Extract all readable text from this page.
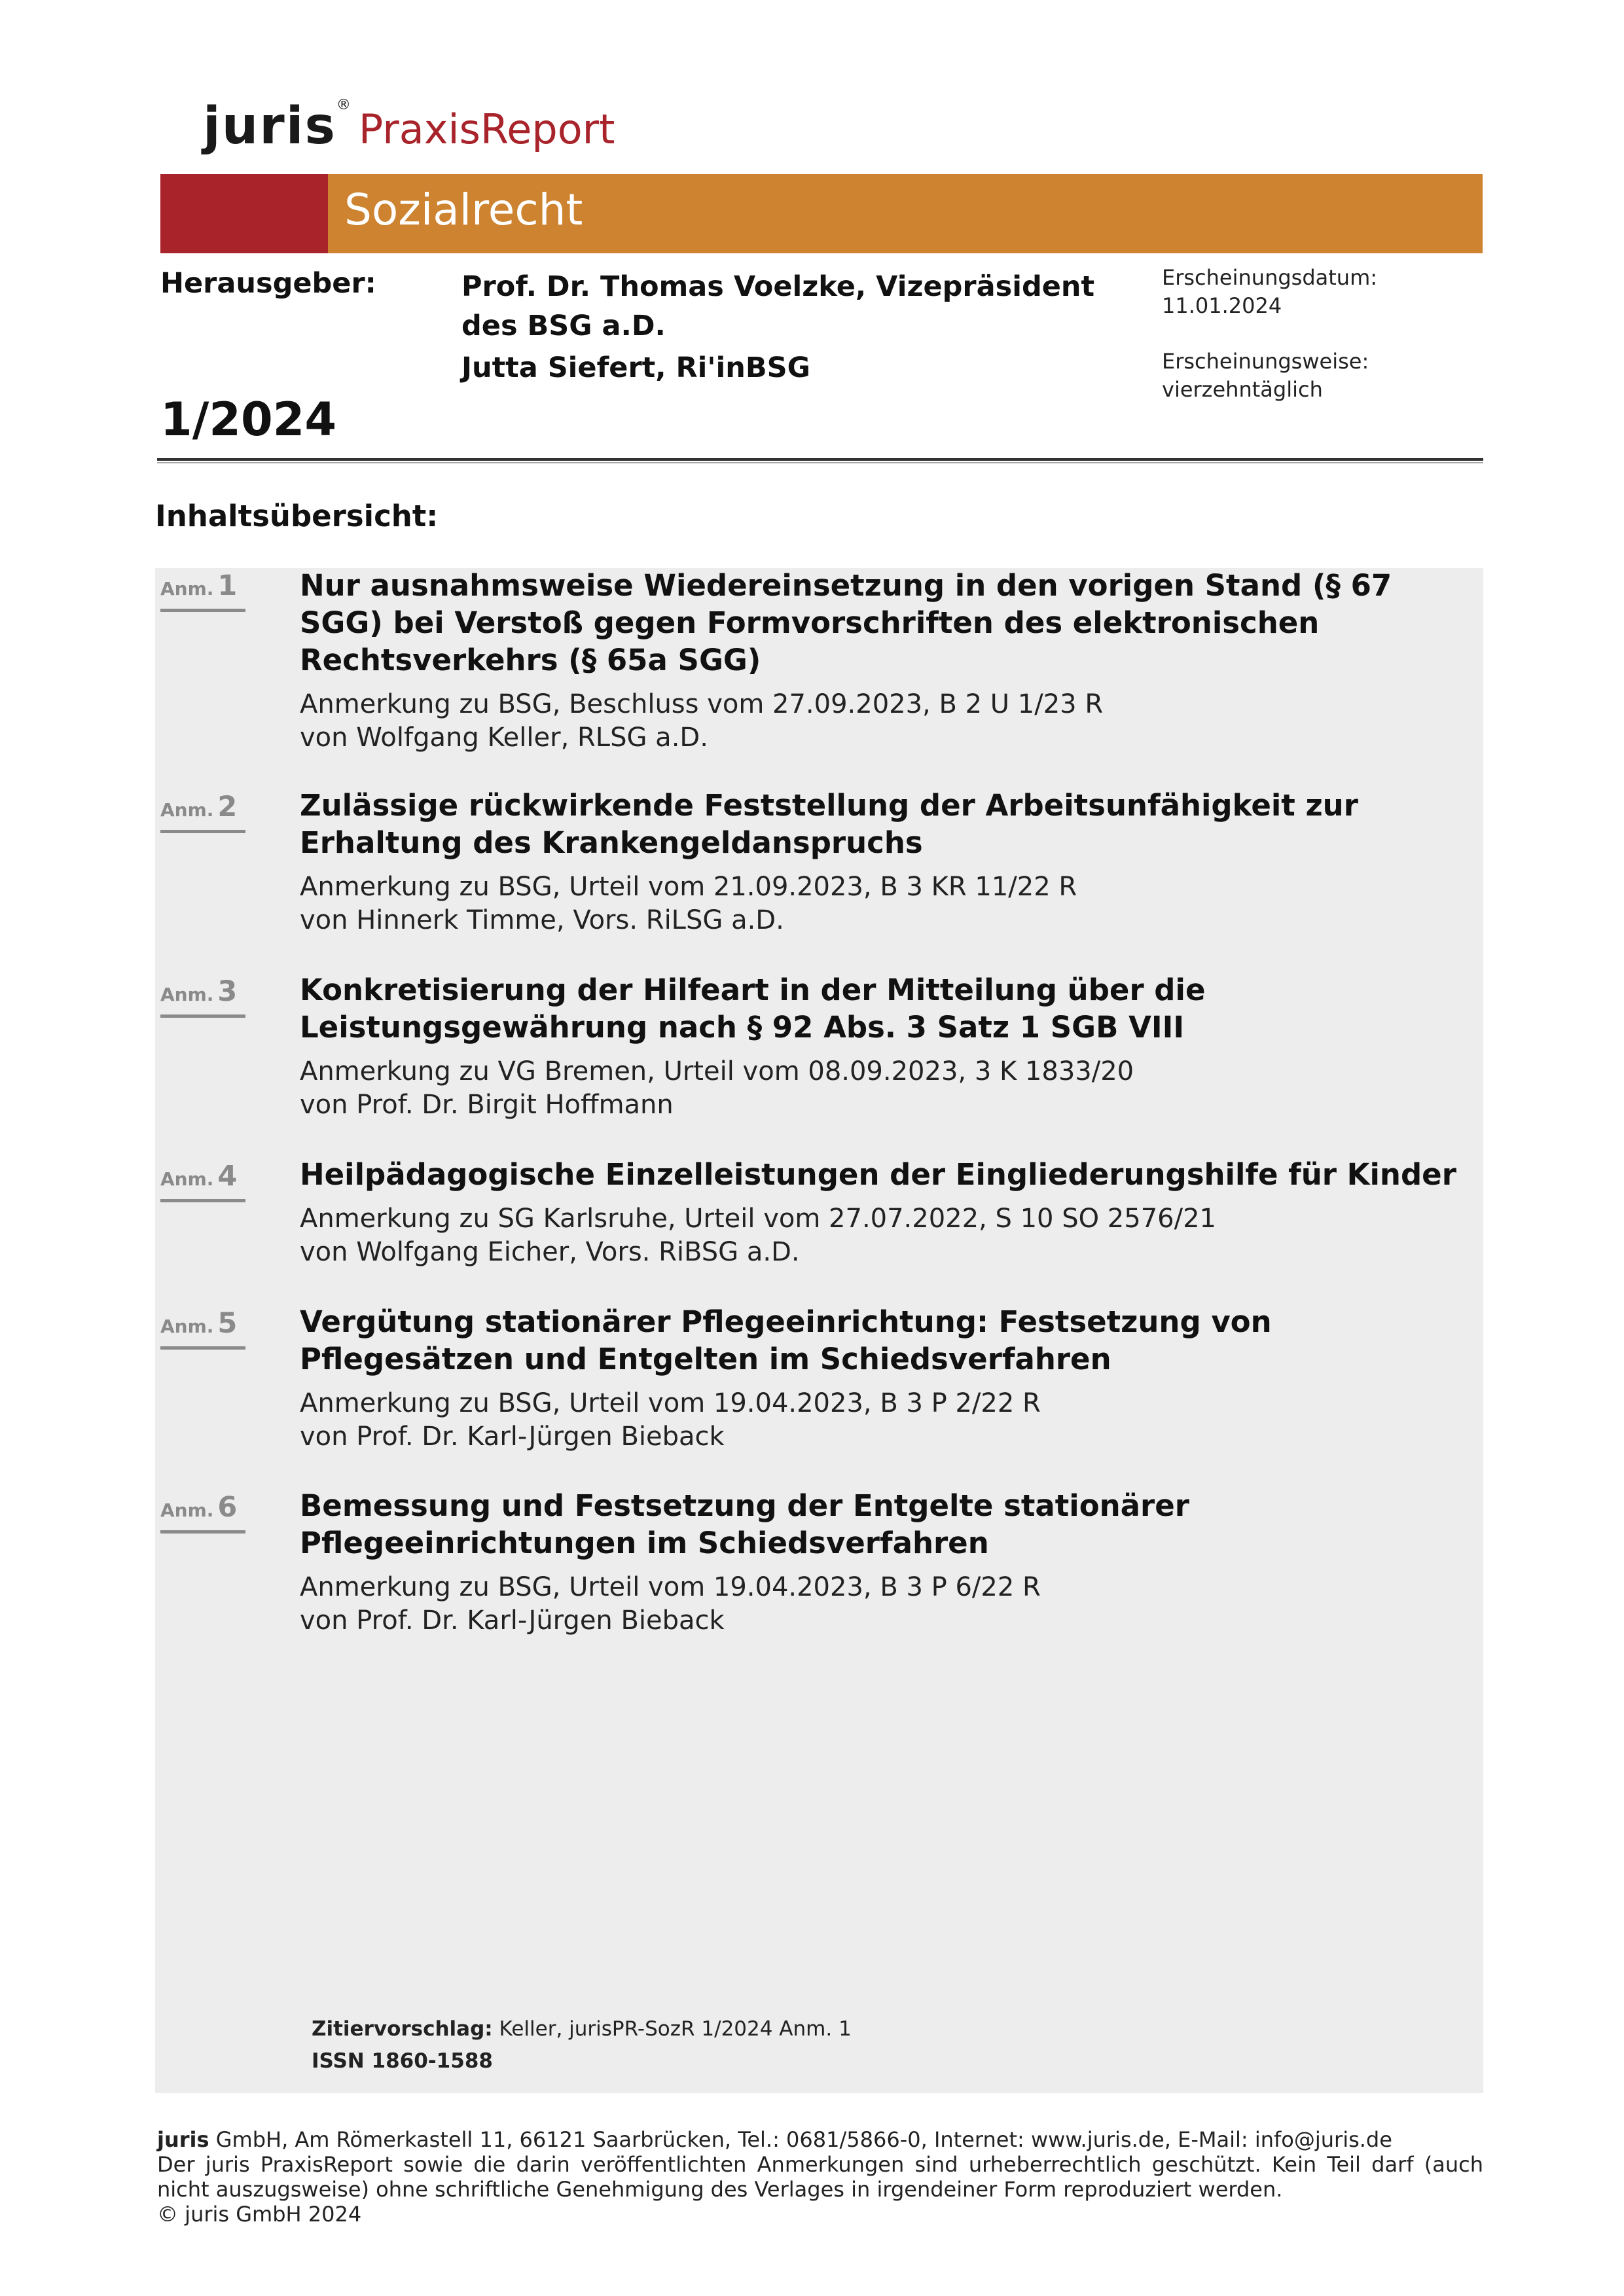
juris®PraxisReport
Sozialrecht
Herausgeber:	Prof. Dr. Thomas Voelzke, Vizepräsident des BSG a.D.
Jutta Siefert, Ri'inBSG
Erscheinungsdatum:
11.01.2024
Erscheinungsweise:
vierzehntäglich
1/2024
Inhaltsübersicht:
Anm. 1 Nur ausnahmsweise Wiedereinsetzung in den vorigen Stand (§ 67 SGG) bei Verstoß gegen Formvorschriften des elektronischen Rechtsverkehrs (§ 65a SGG)
Anmerkung zu BSG, Beschluss vom 27.09.2023, B 2 U 1/23 R
von Wolfgang Keller, RLSG a.D.
Anm. 2 Zulässige rückwirkende Feststellung der Arbeitsunfähigkeit zur Erhaltung des Krankengeldanspruchs
Anmerkung zu BSG, Urteil vom 21.09.2023, B 3 KR 11/22 R
von Hinnerk Timme, Vors. RiLSG a.D.
Anm. 3 Konkretisierung der Hilfeart in der Mitteilung über die Leistungsgewährung nach § 92 Abs. 3 Satz 1 SGB VIII
Anmerkung zu VG Bremen, Urteil vom 08.09.2023, 3 K 1833/20
von Prof. Dr. Birgit Hoffmann
Anm. 4 Heilpädagogische Einzelleistungen der Eingliederungshilfe für Kinder
Anmerkung zu SG Karlsruhe, Urteil vom 27.07.2022, S 10 SO 2576/21
von Wolfgang Eicher, Vors. RiBSG a.D.
Anm. 5 Vergütung stationärer Pflegeeinrichtung: Festsetzung von Pflegesätzen und Entgelten im Schiedsverfahren
Anmerkung zu BSG, Urteil vom 19.04.2023, B 3 P 2/22 R
von Prof. Dr. Karl-Jürgen Bieback
Anm. 6 Bemessung und Festsetzung der Entgelte stationärer Pflegeeinrichtungen im Schiedsverfahren
Anmerkung zu BSG, Urteil vom 19.04.2023, B 3 P 6/22 R
von Prof. Dr. Karl-Jürgen Bieback
Zitiervorschlag: Keller, jurisPR-SozR 1/2024 Anm. 1
ISSN 1860-1588
juris GmbH, Am Römerkastell 11, 66121 Saarbrücken, Tel.: 0681/5866-0, Internet: www.juris.de, E-Mail: info@juris.de
Der juris PraxisReport sowie die darin veröffentlichten Anmerkungen sind urheberrechtlich geschützt. Kein Teil darf (auch nicht auszugsweise) ohne schriftliche Genehmigung des Verlages in irgendeiner Form reproduziert werden.
© juris GmbH 2024
